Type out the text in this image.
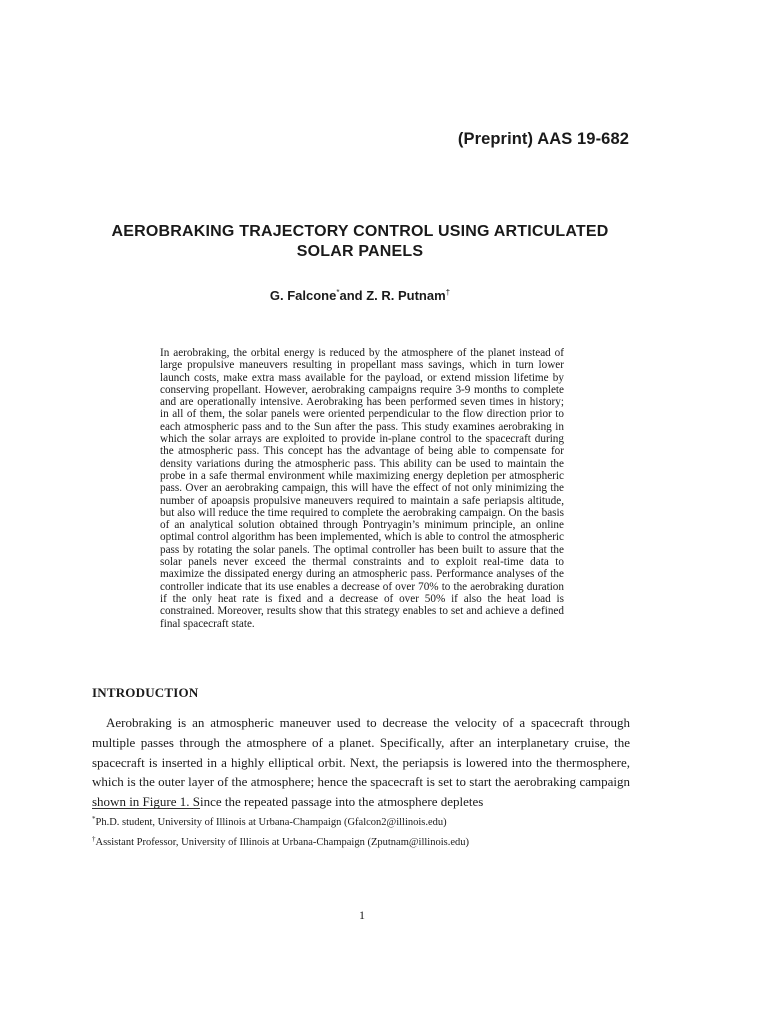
(Preprint) AAS 19-682
AEROBRAKING TRAJECTORY CONTROL USING ARTICULATED
SOLAR PANELS
G. Falcone*and Z. R. Putnam†

In aerobraking, the orbital energy is reduced by the atmosphere of the planet instead of large propulsive maneuvers resulting in propellant mass savings, which in turn lower launch costs, make extra mass available for the payload, or extend mission lifetime by conserving propellant. However, aerobraking campaigns require 3-9 months to complete and are operationally intensive. Aerobraking has been performed seven times in history; in all of them, the solar panels were oriented perpendicular to the flow direction prior to each atmospheric pass and to the Sun after the pass. This study examines aerobraking in which the solar arrays are exploited to provide in-plane control to the spacecraft during the atmospheric pass. This concept has the advantage of being able to compensate for density variations during the atmospheric pass. This ability can be used to maintain the probe in a safe thermal environment while maximizing energy depletion per atmospheric pass. Over an aerobraking campaign, this will have the effect of not only minimizing the number of apoapsis propulsive maneuvers required to maintain a safe periapsis altitude, but also will reduce the time required to complete the aerobraking campaign. On the basis of an analytical solution obtained through Pontryagin’s minimum principle, an online optimal control algorithm has been implemented, which is able to control the atmospheric pass by rotating the solar panels. The optimal controller has been built to assure that the solar panels never exceed the thermal constraints and to exploit real-time data to maximize the dissipated energy during an atmospheric pass. Performance analyses of the controller indicate that its use enables a decrease of over 70% to the aerobraking duration if the only heat rate is fixed and a decrease of over 50% if also the heat load is constrained. Moreover, results show that this strategy enables to set and achieve a defined final spacecraft state.

INTRODUCTION

Aerobraking is an atmospheric maneuver used to decrease the velocity of a spacecraft through multiple passes through the atmosphere of a planet. Specifically, after an interplanetary cruise, the spacecraft is inserted in a highly elliptical orbit. Next, the periapsis is lowered into the thermosphere, which is the outer layer of the atmosphere; hence the spacecraft is set to start the aerobraking campaign shown in Figure 1. Since the repeated passage into the atmosphere depletes

*Ph.D. student, University of Illinois at Urbana-Champaign (Gfalcon2@illinois.edu)
†Assistant Professor, University of Illinois at Urbana-Champaign (Zputnam@illinois.edu)
1
